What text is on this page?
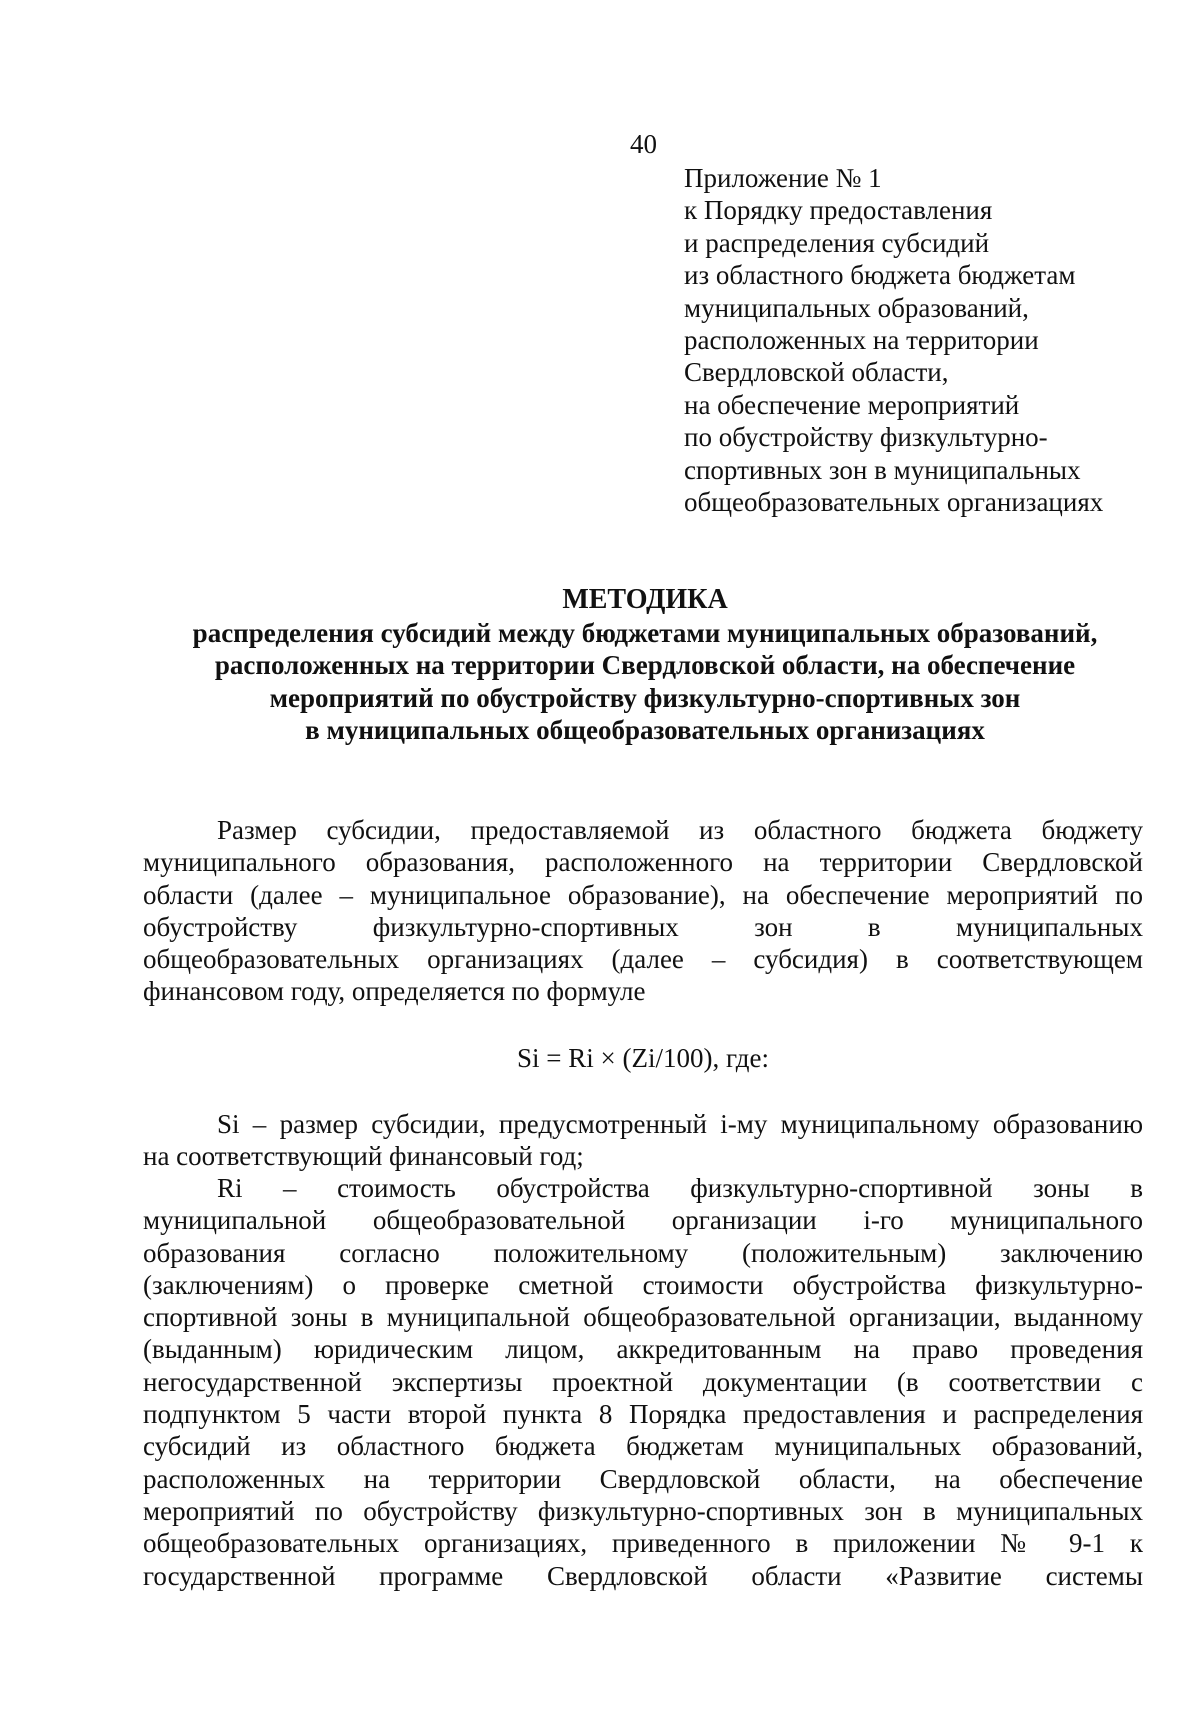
40
Приложение № 1
к Порядку предоставления
и распределения субсидий
из областного бюджета бюджетам
муниципальных образований,
расположенных на территории
Свердловской области,
на обеспечение мероприятий
по обустройству физкультурно-
спортивных зон в муниципальных
общеобразовательных организациях
МЕТОДИКА
распределения субсидий между бюджетами муниципальных образований,
расположенных на территории Свердловской области, на обеспечение
мероприятий по обустройству физкультурно-спортивных зон
в муниципальных общеобразовательных организациях
Размер субсидии, предоставляемой из областного бюджета бюджету
муниципального образования, расположенного на территории Свердловской
области (далее – муниципальное образование), на обеспечение мероприятий по
обустройству	физкультурно-спортивных	зон	в	муниципальных
общеобразовательных организациях (далее – субсидия) в соответствующем
финансовом году, определяется по формуле
Si = Ri × (Zi/100), где:
Si – размер субсидии, предусмотренный i-му муниципальному образованию
на соответствующий финансовый год;
Ri – стоимость обустройства физкультурно-спортивной зоны в
муниципальной общеобразовательной организации i-го муниципального
образования согласно положительному (положительным) заключению
(заключениям) о проверке сметной стоимости обустройства физкультурно-
спортивной зоны в муниципальной общеобразовательной организации, выданному
(выданным) юридическим лицом, аккредитованным на право проведения
негосударственной экспертизы проектной документации (в соответствии с
подпунктом 5 части второй пункта 8 Порядка предоставления и распределения
субсидий из областного бюджета бюджетам муниципальных образований,
расположенных на территории Свердловской области, на обеспечение
мероприятий по обустройству физкультурно-спортивных зон в муниципальных
общеобразовательных организациях, приведенного в приложении № 9-1 к
государственной программе Свердловской области «Развитие системы
